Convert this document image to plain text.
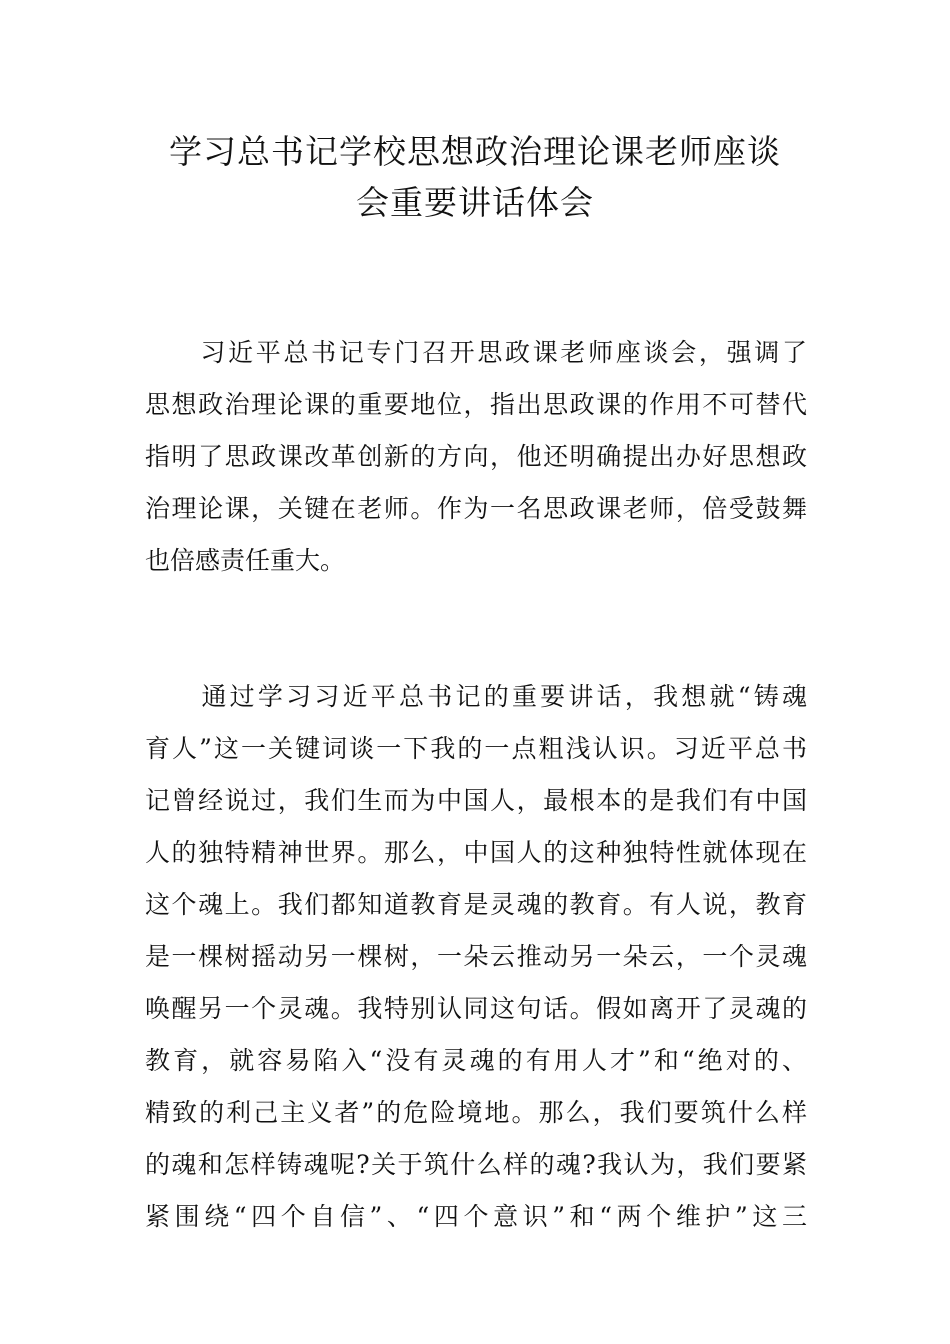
学习总书记学校思想政治理论课老师座谈
会重要讲话体会

　　习近平总书记专门召开思政课老师座谈会，强调了
思想政治理论课的重要地位，指出思政课的作用不可替代
指明了思政课改革创新的方向，他还明确提出办好思想政
治理论课，关键在老师。作为一名思政课老师，倍受鼓舞
也倍感责任重大。

　　通过学习习近平总书记的重要讲话，我想就“铸魂
育人”这一关键词谈一下我的一点粗浅认识。习近平总书
记曾经说过，我们生而为中国人，最根本的是我们有中国
人的独特精神世界。那么，中国人的这种独特性就体现在
这个魂上。我们都知道教育是灵魂的教育。有人说，教育
是一棵树摇动另一棵树，一朵云推动另一朵云，一个灵魂
唤醒另一个灵魂。我特别认同这句话。假如离开了灵魂的
教育，就容易陷入“没有灵魂的有用人才”和“绝对的、
精致的利己主义者”的危险境地。那么，我们要筑什么样
的魂和怎样铸魂呢?关于筑什么样的魂?我认为，我们要紧
紧围绕“四个自信”、“四个意识”和“两个维护”这三
